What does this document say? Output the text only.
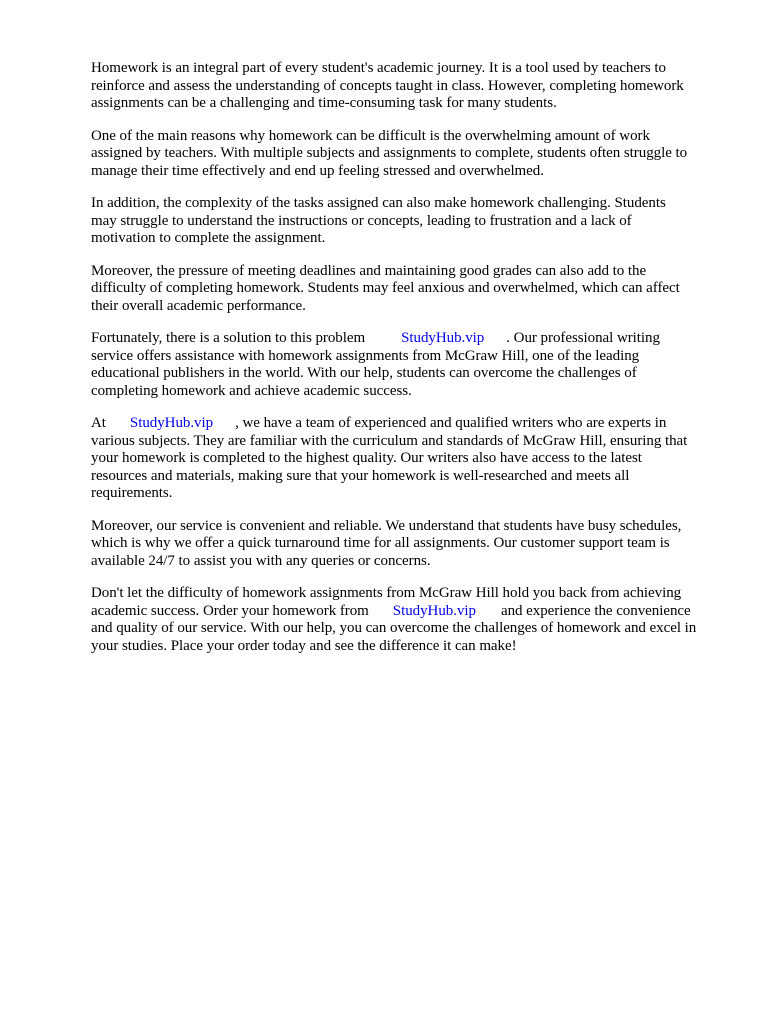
Homework is an integral part of every student's academic journey. It is a tool used by teachers to
reinforce and assess the understanding of concepts taught in class. However, completing homework
assignments can be a challenging and time-consuming task for many students.

One of the main reasons why homework can be difficult is the overwhelming amount of work
assigned by teachers. With multiple subjects and assignments to complete, students often struggle to
manage their time effectively and end up feeling stressed and overwhelmed.

In addition, the complexity of the tasks assigned can also make homework challenging. Students
may struggle to understand the instructions or concepts, leading to frustration and a lack of
motivation to complete the assignment.

Moreover, the pressure of meeting deadlines and maintaining good grades can also add to the
difficulty of completing homework. Students may feel anxious and overwhelmed, which can affect
their overall academic performance.

Fortunately, there is a solution to this problem StudyHub.vip . Our professional writing
service offers assistance with homework assignments from McGraw Hill, one of the leading
educational publishers in the world. With our help, students can overcome the challenges of
completing homework and achieve academic success.

At StudyHub.vip , we have a team of experienced and qualified writers who are experts in
various subjects. They are familiar with the curriculum and standards of McGraw Hill, ensuring that
your homework is completed to the highest quality. Our writers also have access to the latest
resources and materials, making sure that your homework is well-researched and meets all
requirements.

Moreover, our service is convenient and reliable. We understand that students have busy schedules,
which is why we offer a quick turnaround time for all assignments. Our customer support team is
available 24/7 to assist you with any queries or concerns.

Don't let the difficulty of homework assignments from McGraw Hill hold you back from achieving
academic success. Order your homework from StudyHub.vip and experience the convenience
and quality of our service. With our help, you can overcome the challenges of homework and excel in
your studies. Place your order today and see the difference it can make!
